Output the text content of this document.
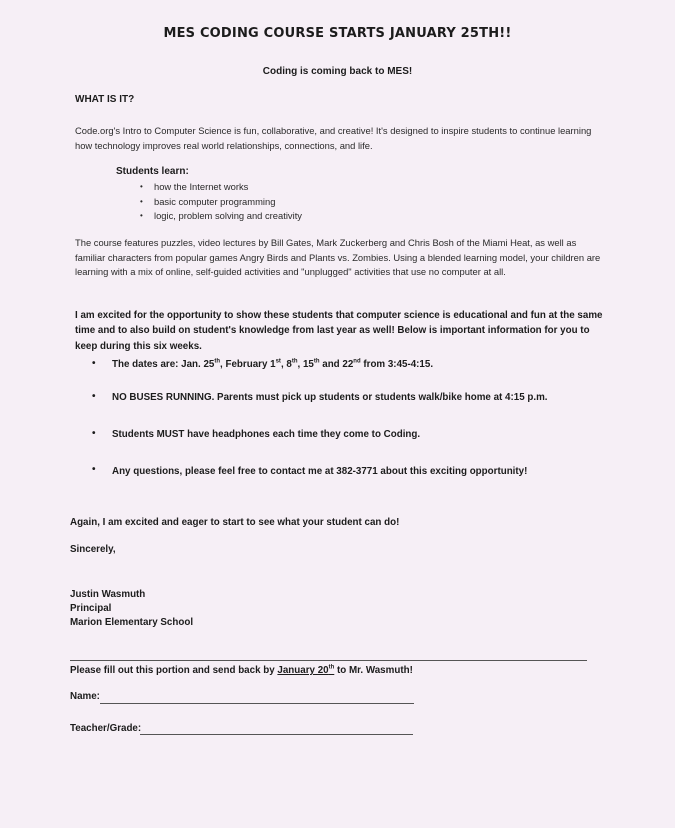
MES CODING COURSE STARTS JANUARY 25TH!!
Coding is coming back to MES!
WHAT IS IT?

Code.org's Intro to Computer Science is fun, collaborative, and creative! It's designed to inspire students to continue learning how technology improves real world relationships, connections, and life.

Students learn:
• how the Internet works
• basic computer programming
• logic, problem solving and creativity

The course features puzzles, video lectures by Bill Gates, Mark Zuckerberg and Chris Bosh of the Miami Heat, as well as familiar characters from popular games Angry Birds and Plants vs. Zombies. Using a blended learning model, your children are learning with a mix of online, self-guided activities and "unplugged" activities that use no computer at all.

I am excited for the opportunity to show these students that computer science is educational and fun at the same time and to also build on student's knowledge from last year as well! Below is important information for you to keep during this six weeks.

• The dates are: Jan. 25th, February 1st, 8th, 15th and 22nd from 3:45-4:15.
• NO BUSES RUNNING. Parents must pick up students or students walk/bike home at 4:15 p.m.
• Students MUST have headphones each time they come to Coding.
• Any questions, please feel free to contact me at 382-3771 about this exciting opportunity!
Again, I am excited and eager to start to see what your student can do!
Sincerely,
Justin Wasmuth
Principal
Marion Elementary School
Please fill out this portion and send back by January 20th to Mr. Wasmuth!
Name:
Teacher/Grade:
